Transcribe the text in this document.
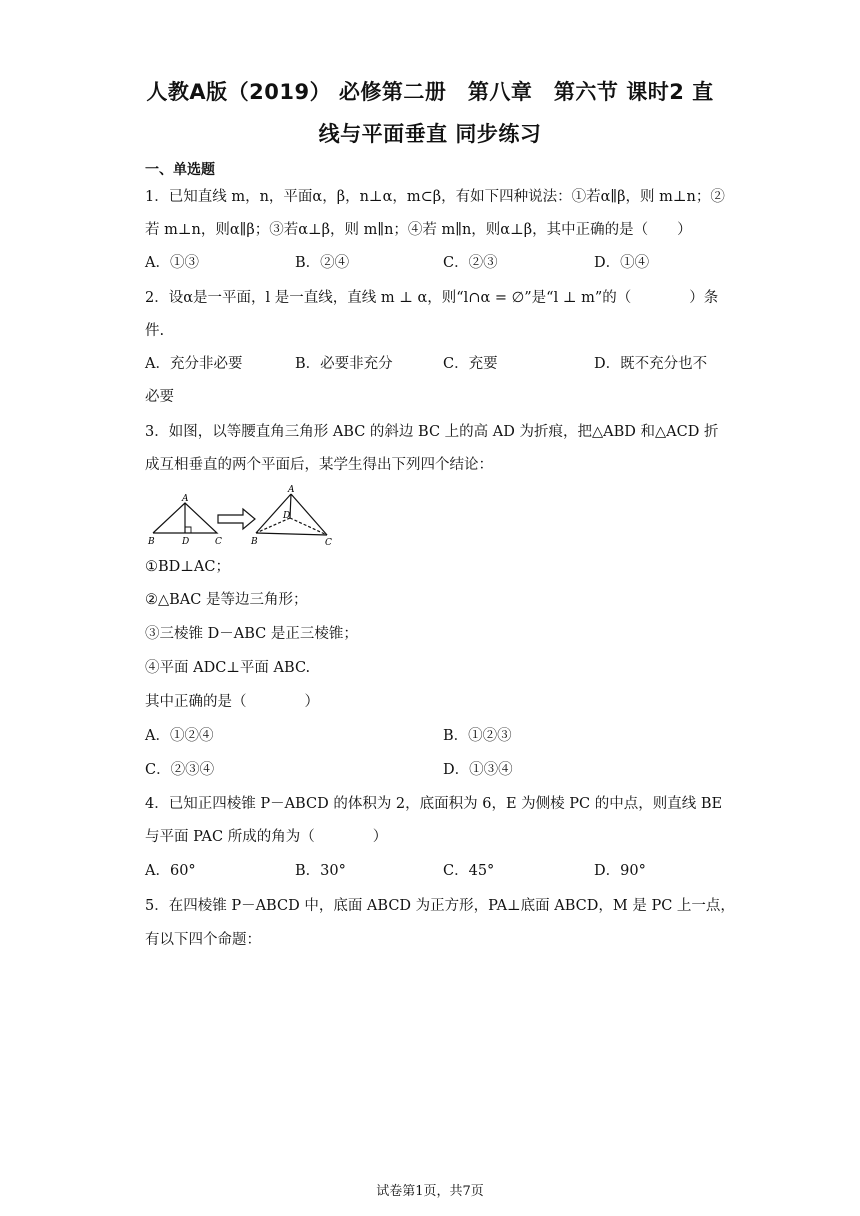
人教A版（2019） 必修第二册　第八章　第六节 课时2 直
线与平面垂直 同步练习
一、单选题
1．已知直线 m，n，平面α，β，n⊥α，m⊂β，有如下四种说法：①若α∥β，则 m⊥n；②
若 m⊥n，则α∥β；③若α⊥β，则 m∥n；④若 m∥n，则α⊥β，其中正确的是（　　）
A．①③	B．②④	C．②③	D．①④
2．设α是一平面，l 是一直线，直线 m ⊥ α，则“l∩α = ∅”是“l ⊥ m”的（　　　　）条
件.
A．充分非必要	B．必要非充分	C．充要	D．既不充分也不
必要
3．如图，以等腰直角三角形 ABC 的斜边 BC 上的高 AD 为折痕，把△ABD 和△ACD 折
成互相垂直的两个平面后，某学生得出下列四个结论：
A
B	D	C
A
D
B	C
①BD⊥AC；
②△BAC 是等边三角形；
③三棱锥 D－ABC 是正三棱锥；
④平面 ADC⊥平面 ABC.
其中正确的是（　　　　）
A．①②④	B．①②③
C．②③④	D．①③④
4．已知正四棱锥 P－ABCD 的体积为 2，底面积为 6，E 为侧棱 PC 的中点，则直线 BE
与平面 PAC 所成的角为（　　　　）
A．60°	B．30°	C．45°	D．90°
5．在四棱锥 P－ABCD 中，底面 ABCD 为正方形，PA⊥底面 ABCD，M 是 PC 上一点，
有以下四个命题：
试卷第1页，共7页
